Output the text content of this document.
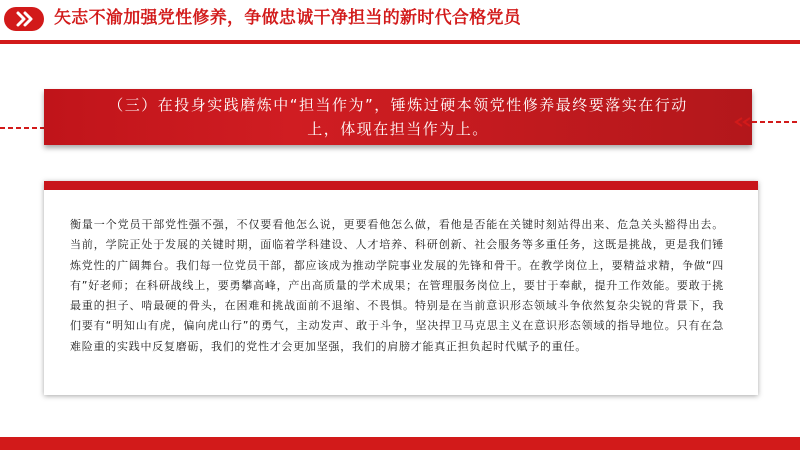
矢志不渝加强党性修养，争做忠诚干净担当的新时代合格党员
（三）在投身实践磨炼中“担当作为”，锤炼过硬本领党性修养最终要落实在行动上，体现在担当作为上。

衡量一个党员干部党性强不强，不仅要看他怎么说，更要看他怎么做，看他是否能在关键时刻站得出来、危急关头豁得出去。当前，学院正处于发展的关键时期，面临着学科建设、人才培养、科研创新、社会服务等多重任务，这既是挑战，更是我们锤炼党性的广阔舞台。我们每一位党员干部，都应该成为推动学院事业发展的先锋和骨干。在教学岗位上，要精益求精，争做“四有”好老师；在科研战线上，要勇攀高峰，产出高质量的学术成果；在管理服务岗位上，要甘于奉献，提升工作效能。要敢于挑最重的担子、啃最硬的骨头，在困难和挑战面前不退缩、不畏惧。特别是在当前意识形态领域斗争依然复杂尖锐的背景下，我们要有“明知山有虎，偏向虎山行”的勇气，主动发声、敢于斗争，坚决捍卫马克思主义在意识形态领域的指导地位。只有在急难险重的实践中反复磨砺，我们的党性才会更加坚强，我们的肩膀才能真正担负起时代赋予的重任。
